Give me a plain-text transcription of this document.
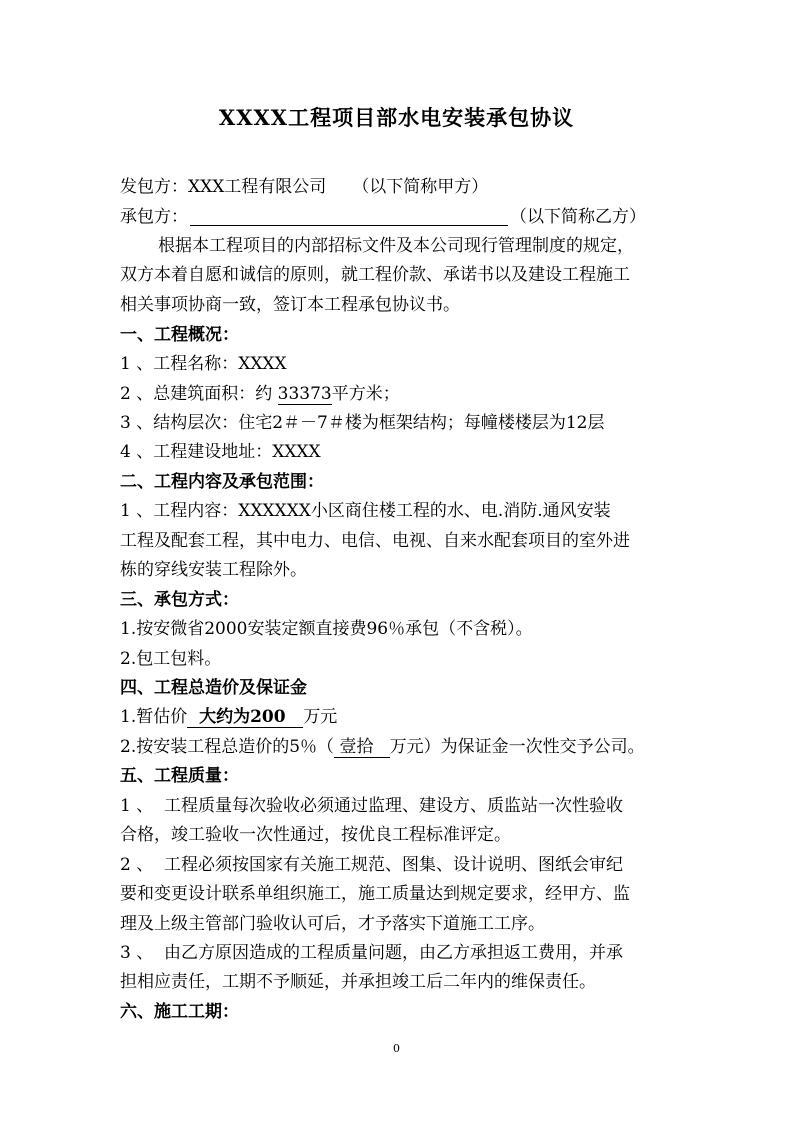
XXXX工程项目部水电安装承包协议
发包方：XXX工程有限公司 （以下简称甲方）
承包方：	（以下简称乙方）
根据本工程项目的内部招标文件及本公司现行管理制度的规定，
双方本着自愿和诚信的原则，就工程价款、承诺书以及建设工程施工
相关事项协商一致，签订本工程承包协议书。
一、工程概况：
1 、工程名称：XXXX
2 、总建筑面积：约 33373平方米；
3 、结构层次：住宅2＃－7＃楼为框架结构；每幢楼楼层为12层
4 、工程建设地址：XXXX
二、工程内容及承包范围：
1 、工程内容：XXXXXX小区商住楼工程的水、电.消防.通风安装
工程及配套工程，其中电力、电信、电视、自来水配套项目的室外进
栋的穿线安装工程除外。
三、承包方式：
1.按安微省2000安装定额直接费96％承包（不含税）。
2.包工包料。
四、工程总造价及保证金
1.暂估价  大约为200   万元
2.按安装工程总造价的5％（ 壹拾   万元）为保证金一次性交予公司。
五、工程质量：
1 、  工程质量每次验收必须通过监理、建设方、质监站一次性验收
合格，竣工验收一次性通过，按优良工程标准评定。
2 、  工程必须按国家有关施工规范、图集、设计说明、图纸会审纪
要和变更设计联系单组织施工，施工质量达到规定要求，经甲方、监
理及上级主管部门验收认可后，才予落实下道施工工序。
3 、  由乙方原因造成的工程质量问题，由乙方承担返工费用，并承
担相应责任，工期不予顺延，并承担竣工后二年内的维保责任。
六、施工工期：
0
